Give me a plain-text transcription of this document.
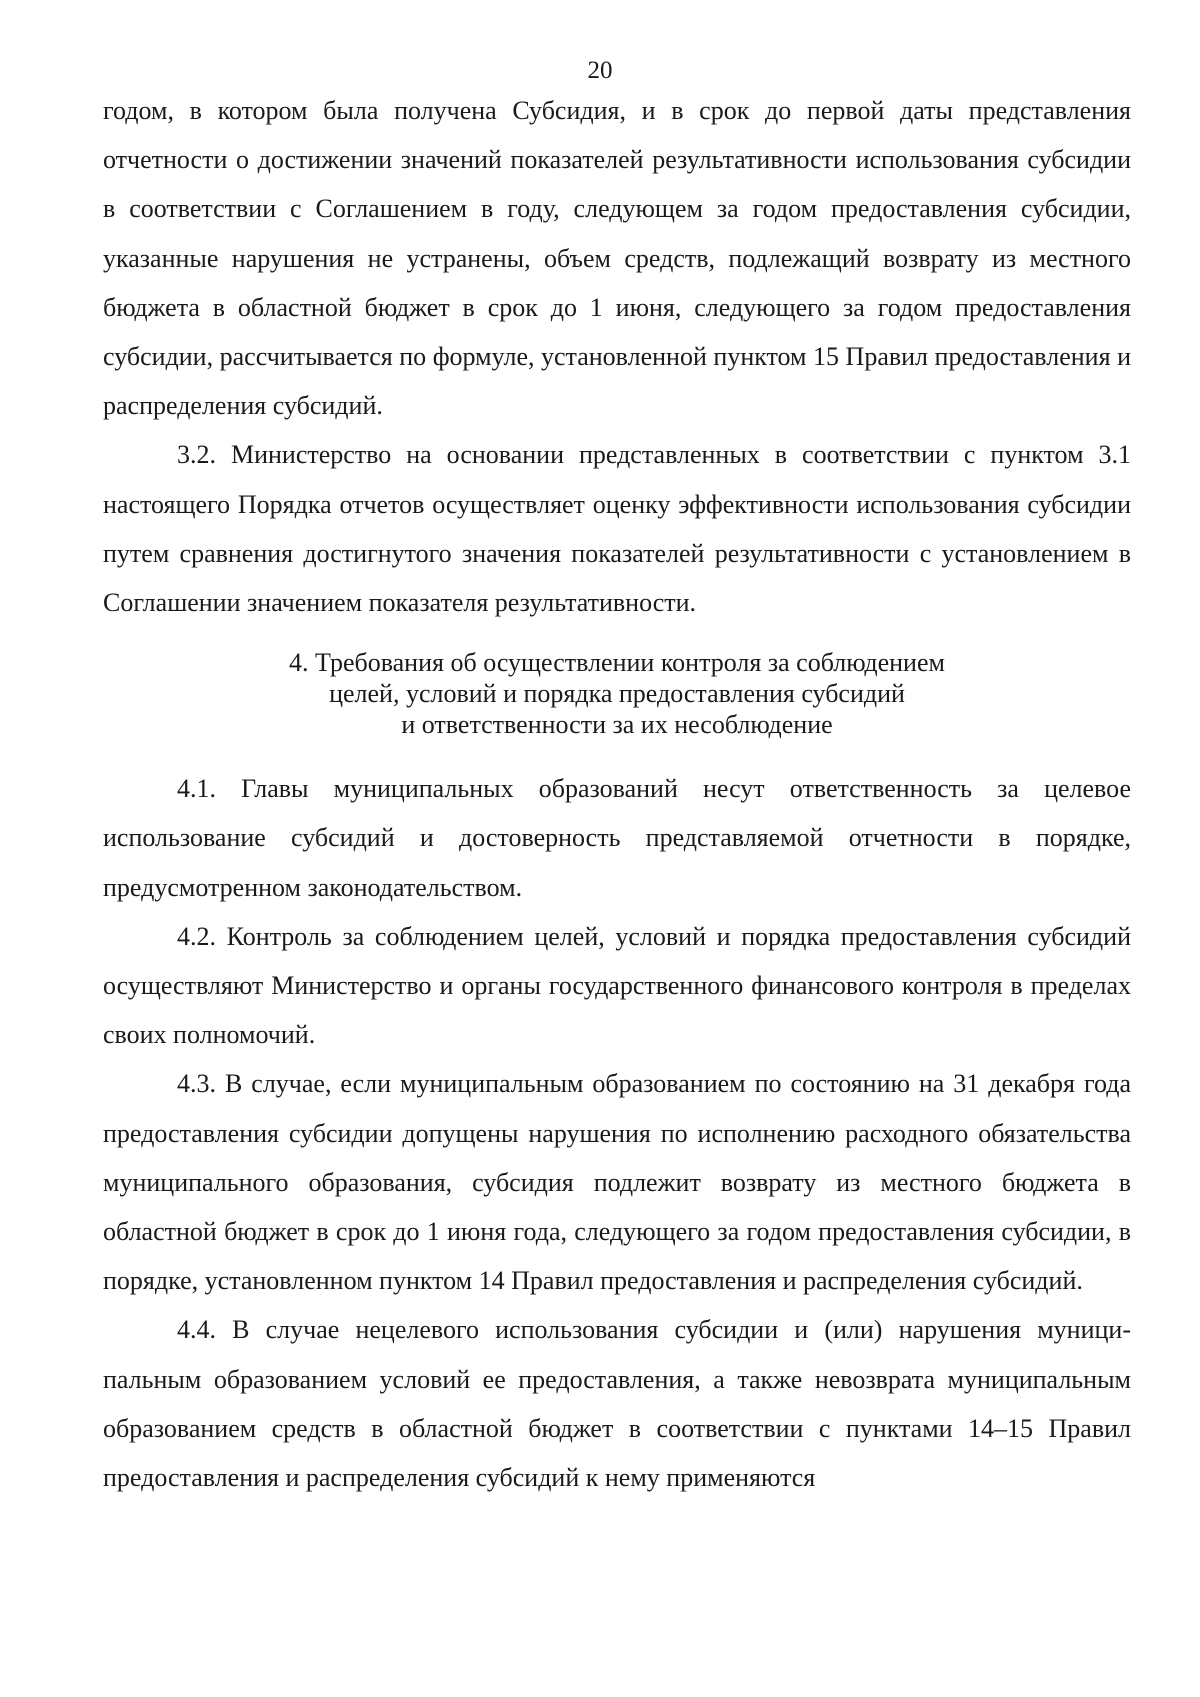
20

годом, в котором была получена Субсидия, и в срок до первой даты представления отчетности о достижении значений показателей результативности использования субсидии в соответствии с Соглашением в году, следующем за годом предоставления субсидии, указанные нарушения не устранены, объем средств, подлежащий возврату из местного бюджета в областной бюджет в срок до 1 июня, следующего за годом предоставления субсидии, рассчитывается по формуле, установленной пунктом 15 Правил предоставления и распределения субсидий.

3.2. Министерство на основании представленных в соответствии с пунктом 3.1 настоящего Порядка отчетов осуществляет оценку эффективности использования субсидии путем сравнения достигнутого значения показателей результативности с установлением в Соглашении значением показателя результативности.

4. Требования об осуществлении контроля за соблюдением
целей, условий и порядка предоставления субсидий
и ответственности за их несоблюдение

4.1. Главы муниципальных образований несут ответственность за целевое использование субсидий и достоверность представляемой отчетности в порядке, предусмотренном законодательством.

4.2. Контроль за соблюдением целей, условий и порядка предоставления субсидий осуществляют Министерство и органы государственного финансового контроля в пределах своих полномочий.

4.3. В случае, если муниципальным образованием по состоянию на 31 декабря года предоставления субсидии допущены нарушения по исполнению расходного обязательства муниципального образования, субсидия подлежит возврату из местного бюджета в областной бюджет в срок до 1 июня года, следующего за годом предоставления субсидии, в порядке, установленном пунктом 14 Правил предоставления и распределения субсидий.

4.4. В случае нецелевого использования субсидии и (или) нарушения муниципальным образованием условий ее предоставления, а также невозврата муниципальным образованием средств в областной бюджет в соответствии с пунктами 14–15 Правил предоставления и распределения субсидий к нему применяются
